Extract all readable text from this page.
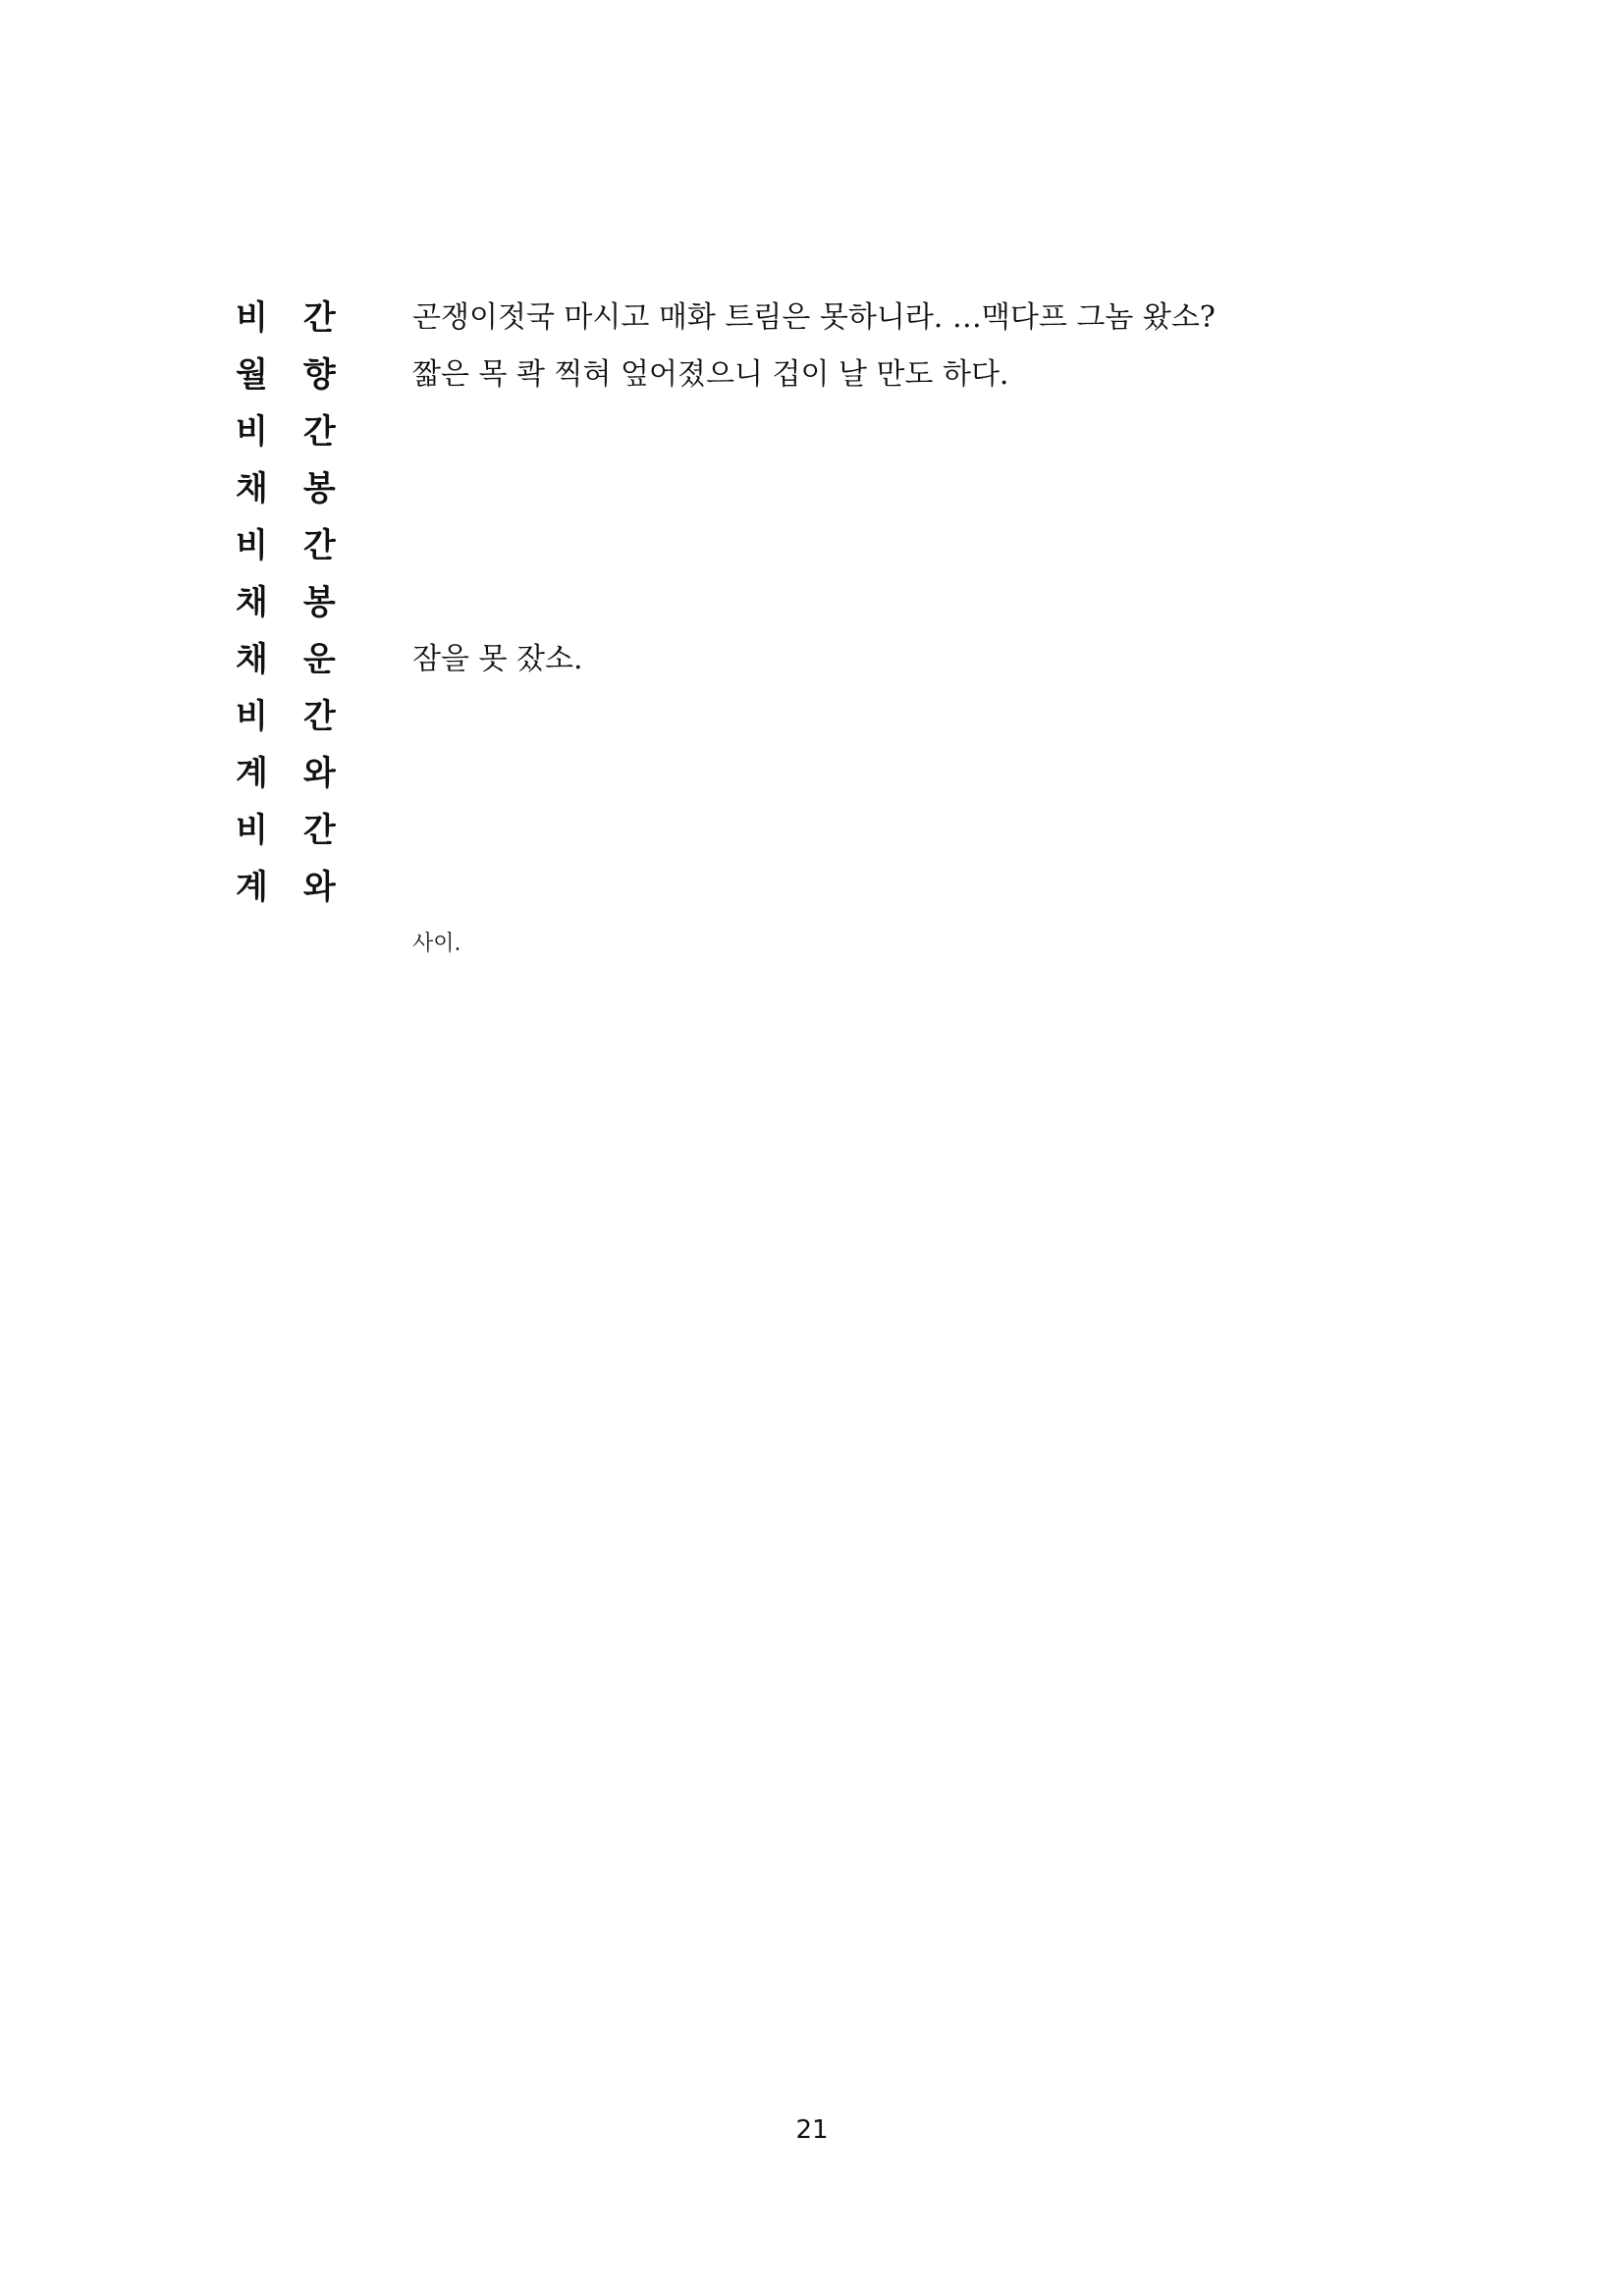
비 간	곤쟁이젓국 마시고 매화 트림은 못하니라. …맥다프 그놈 왔소?
월 향	짧은 목 콱 찍혀 엎어졌으니 겁이 날 만도 하다.
비 간
채 봉
비 간
채 봉
채 운	잠을 못 잤소.
비 간
계 와
비 간
계 와
사이.
21
